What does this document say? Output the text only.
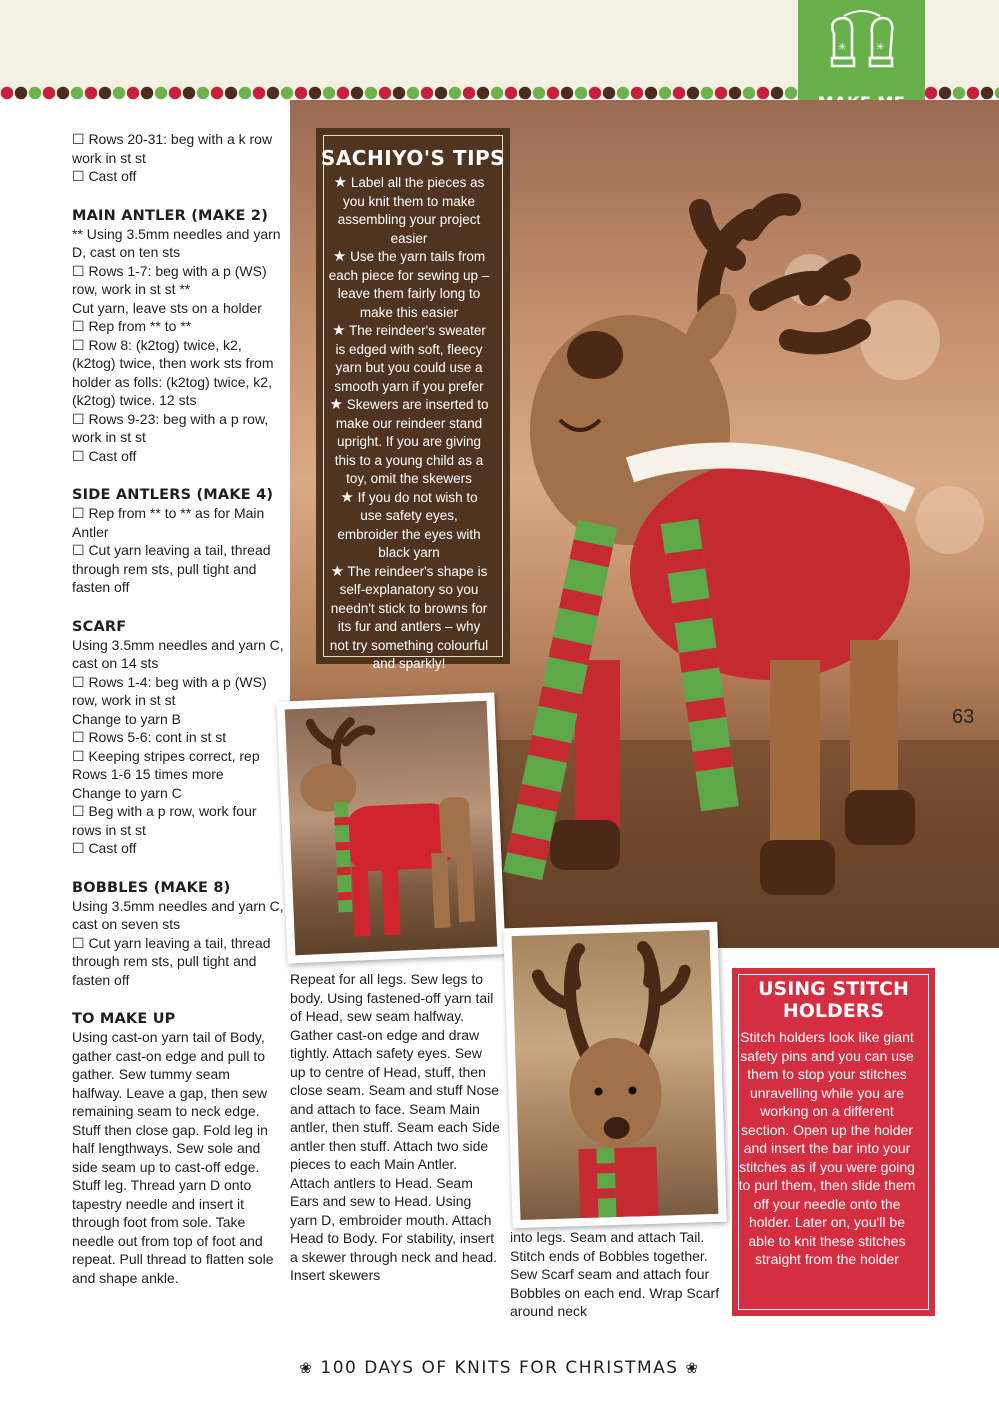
✳	✳
SACHIYO'S TIPS

★ Label all the pieces as you knit them to make assembling your project easier

★ Use the yarn tails from each piece for sewing up – leave them fairly long to make this easier

★ The reindeer's sweater is edged with soft, fleecy yarn but you could use a smooth yarn if you prefer

★ Skewers are inserted to make our reindeer stand upright. If you are giving this to a young child as a toy, omit the skewers

★ If you do not wish to use safety eyes, embroider the eyes with black yarn

★ The reindeer's shape is self-explanatory so you needn't stick to browns for its fur and antlers – why not try something colourful and sparkly!

63

☐ Rows 20-31: beg with a k row work in st st

☐ Cast off

MAIN ANTLER (MAKE 2)

** Using 3.5mm needles and yarn D, cast on ten sts

☐ Rows 1-7: beg with a p (WS) row, work in st st **

Cut yarn, leave sts on a holder

☐ Rep from ** to **

☐ Row 8: (k2tog) twice, k2, (k2tog) twice, then work sts from holder as folls: (k2tog) twice, k2, (k2tog) twice. 12 sts

☐ Rows 9-23: beg with a p row, work in st st

☐ Cast off

SIDE ANTLERS (MAKE 4)

☐ Rep from ** to ** as for Main Antler

☐ Cut yarn leaving a tail, thread through rem sts, pull tight and fasten off

SCARF

Using 3.5mm needles and yarn C, cast on 14 sts

☐ Rows 1-4: beg with a p (WS) row, work in st st

Change to yarn B

☐ Rows 5-6: cont in st st

☐ Keeping stripes correct, rep Rows 1-6 15 times more

Change to yarn C

☐ Beg with a p row, work four rows in st st

☐ Cast off

BOBBLES (MAKE 8)

Using 3.5mm needles and yarn C, cast on seven sts

☐ Cut yarn leaving a tail, thread through rem sts, pull tight and fasten off

TO MAKE UP

Using cast-on yarn tail of Body, gather cast-on edge and pull to gather. Sew tummy seam halfway. Leave a gap, then sew remaining seam to neck edge. Stuff then close gap. Fold leg in half lengthways. Sew sole and side seam up to cast-off edge. Stuff leg. Thread yarn D onto tapestry needle and insert it through foot from sole. Take needle out from top of foot and repeat. Pull thread to flatten sole and shape ankle.

Repeat for all legs. Sew legs to body. Using fastened-off yarn tail of Head, sew seam halfway. Gather cast-on edge and draw tightly. Attach safety eyes. Sew up to centre of Head, stuff, then close seam. Seam and stuff Nose and attach to face. Seam Main antler, then stuff. Seam each Side antler then stuff. Attach two side pieces to each Main Antler. Attach antlers to Head. Seam Ears and sew to Head. Using yarn D, embroider mouth. Attach Head to Body. For stability, insert a skewer through neck and head. Insert skewers

into legs. Seam and attach Tail. Stitch ends of Bobbles together. Sew Scarf seam and attach four Bobbles on each end. Wrap Scarf around neck

USING STITCH
HOLDERS

Stitch holders look like giant safety pins and you can use them to stop your stitches unravelling while you are working on a different section. Open up the holder and insert the bar into your stitches as if you were going to purl them, then slide them off your needle onto the holder. Later on, you'll be able to knit these stitches straight from the holder

❀ 100 DAYS OF KNITS FOR CHRISTMAS ❀
